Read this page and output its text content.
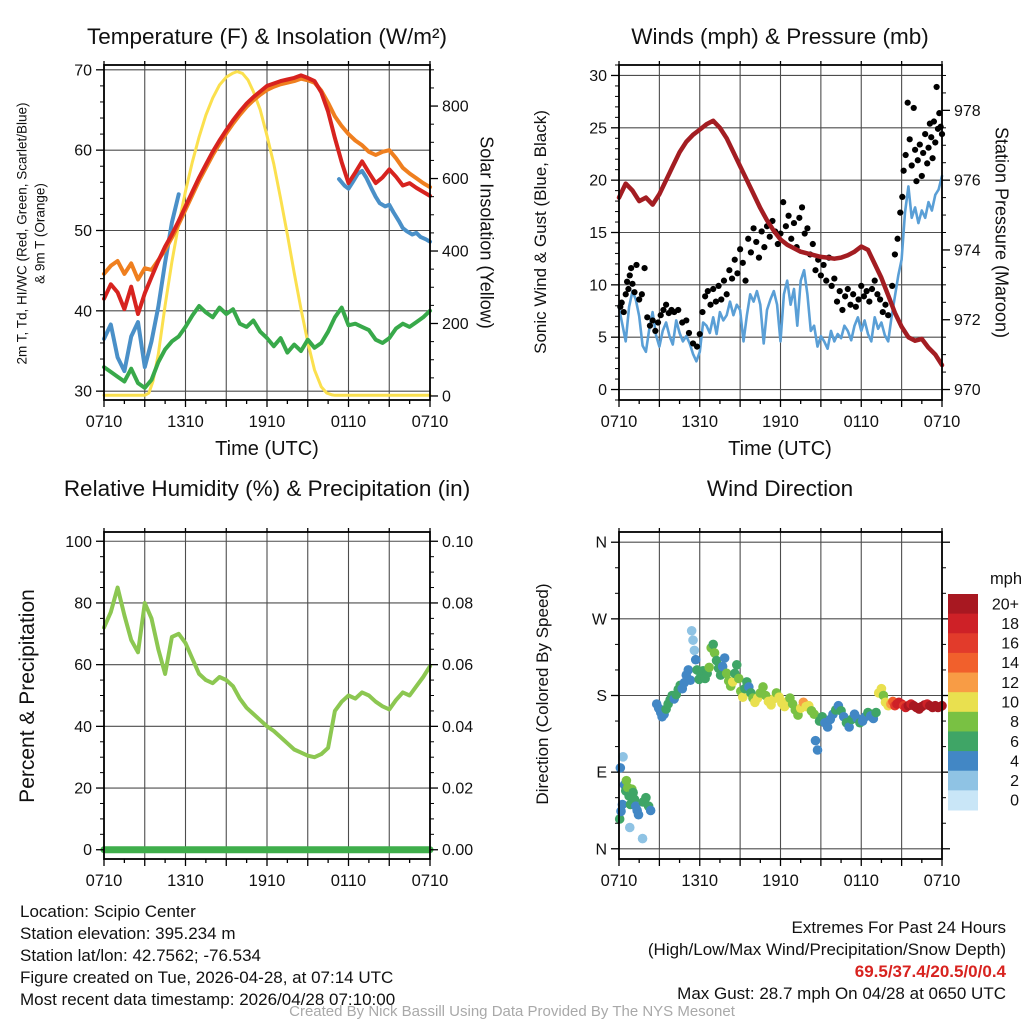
Temperature (F) & Insolation (W/m²)	Winds (mph) & Pressure (mb)
Relative Humidity (%) & Precipitation (in)	Wind Direction
2m T, Td, HI/WC (Red, Green, Scarlet/Blue) & 9m T (Orange)	Solar Insolation (Yellow) Sonic Wind & Gust (Blue, Black)	Station Pressure (Maroon)
Percent & Precipitation	Direction (Colored By Speed)
Time (UTC)	Time (UTC)
0710	1310	1910	0110	0710
30
40
50
60
70
0
200
400
600
800
0710	1310	1910	0110	0710
0
5
10
15
20
25
30
970
972
974
976
978
0710	1310	1910	0110	0710
0
20
40
60
80
100
0.00
0.02
0.04
0.06
0.08
0.10
0710	1310	1910	0110	0710
N
E
S
W
N
mph
20+
18
16
14
12
10
8
6
4
2
0
Location: Scipio Center
Station elevation: 395.234 m
Station lat/lon: 42.7562; -76.534
Figure created on Tue, 2026-04-28, at 07:14 UTC
Most recent data timestamp: 2026/04/28 07:10:00
Extremes For Past 24 Hours
(High/Low/Max Wind/Precipitation/Snow Depth)
69.5/37.4/20.5/0/0.4
Max Gust: 28.7 mph On 04/28 at 0650 UTC
Created By Nick Bassill Using Data Provided By The NYS Mesonet
